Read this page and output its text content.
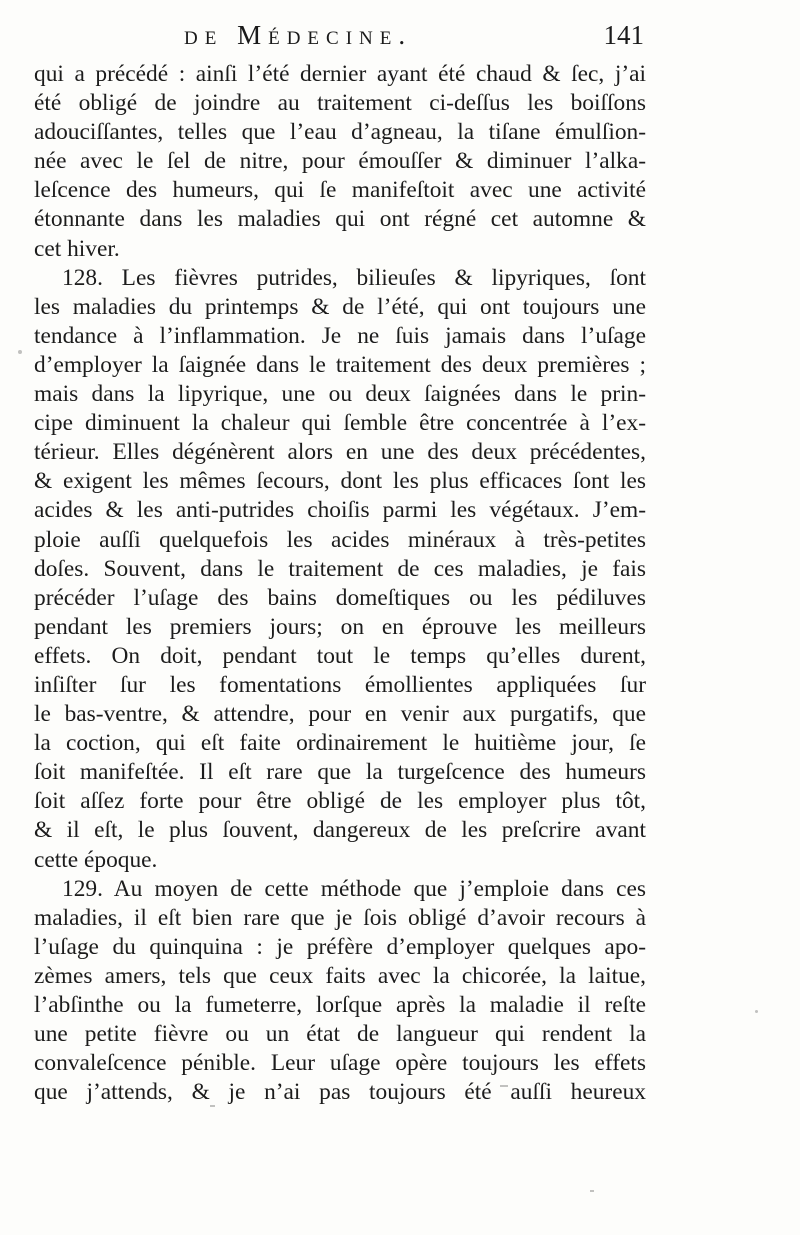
de Médecine.	141
qui a précédé : ainſi l’été dernier ayant été chaud & ſec, j’ai
été obligé de joindre au traitement ci-deſſus les boiſſons
adouciſſantes, telles que l’eau d’agneau, la tiſane émulſion-
née avec le ſel de nitre, pour émouſſer & diminuer l’alka-
leſcence des humeurs, qui ſe manifeſtoit avec une activité
étonnante dans les maladies qui ont régné cet automne &
cet hiver.
128. Les fièvres putrides, bilieuſes & lipyriques, ſont
les maladies du printemps & de l’été, qui ont toujours une
tendance à l’inflammation. Je ne ſuis jamais dans l’uſage
d’employer la ſaignée dans le traitement des deux premières ;
mais dans la lipyrique, une ou deux ſaignées dans le prin-
cipe diminuent la chaleur qui ſemble être concentrée à l’ex-
térieur. Elles dégénèrent alors en une des deux précédentes,
& exigent les mêmes ſecours, dont les plus efficaces ſont les
acides & les anti-putrides choiſis parmi les végétaux. J’em-
ploie auſſi quelquefois les acides minéraux à très-petites
doſes. Souvent, dans le traitement de ces maladies, je fais
précéder l’uſage des bains domeſtiques ou les pédiluves
pendant les premiers jours; on en éprouve les meilleurs
effets. On doit, pendant tout le temps qu’elles durent,
inſiſter ſur les fomentations émollientes appliquées ſur
le bas-ventre, & attendre, pour en venir aux purgatifs, que
la coction, qui eſt faite ordinairement le huitième jour, ſe
ſoit manifeſtée. Il eſt rare que la turgeſcence des humeurs
ſoit aſſez forte pour être obligé de les employer plus tôt,
& il eſt, le plus ſouvent, dangereux de les preſcrire avant
cette époque.
129. Au moyen de cette méthode que j’emploie dans ces
maladies, il eſt bien rare que je ſois obligé d’avoir recours à
l’uſage du quinquina : je préfère d’employer quelques apo-
zèmes amers, tels que ceux faits avec la chicorée, la laitue,
l’abſinthe ou la fumeterre, lorſque après la maladie il reſte
une petite fièvre ou un état de langueur qui rendent la
convaleſcence pénible. Leur uſage opère toujours les effets
que j’attends, & je n’ai pas toujours été auſſi heureux
